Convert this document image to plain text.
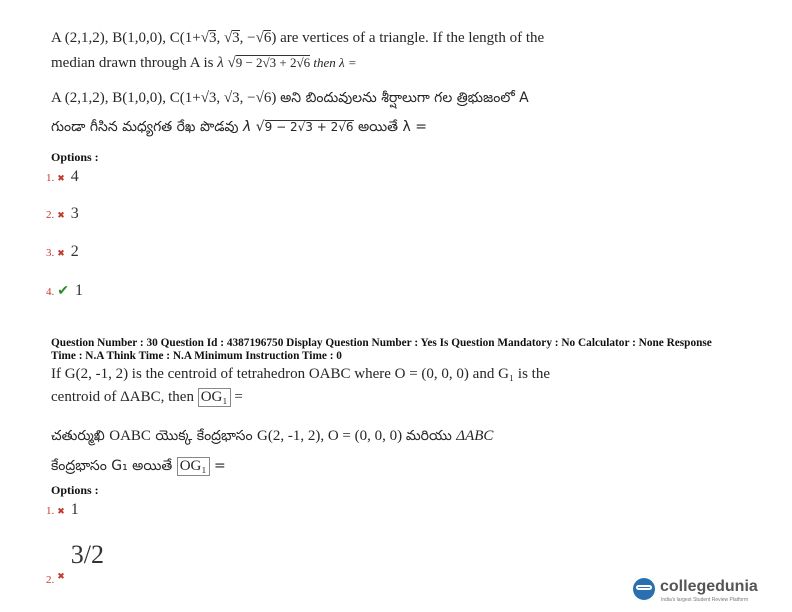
A (2,1,2), B(1,0,0), C(1+√3, √3, −√6) are vertices of a triangle. If the length of the
median drawn through A is λ √9 − 2√3 + 2√6 then λ =
A (2,1,2), B(1,0,0), C(1+√3, √3, −√6) అని బిందువులను శీర్షాలుగా గల త్రిభుజంలో A
గుండా గీసిన మధ్యగత రేఖ పొడవు λ √9 − 2√3 + 2√6 అయితే λ =
Options :
1. ✖ 4
2. ✖ 3
3. ✖ 2
4. ✔ 1
Question Number : 30 Question Id : 4387196750 Display Question Number : Yes Is Question Mandatory : No Calculator : None Response
Time : N.A Think Time : N.A Minimum Instruction Time : 0
If G(2, -1, 2) is the centroid of tetrahedron OABC where O = (0, 0, 0) and G₁ is the
centroid of ΔABC, then OG₁ =
చతుర్ముఖి OABC యొక్క కేంద్రభాసం G(2, -1, 2), O = (0, 0, 0) మరియు ΔABC
కేంద్రభాసం G₁ అయితే OG₁ =
Options :
1. ✖ 1
$_{2.}$ $_✖$3/2
collegedunia
India's largest Student Review Platform
